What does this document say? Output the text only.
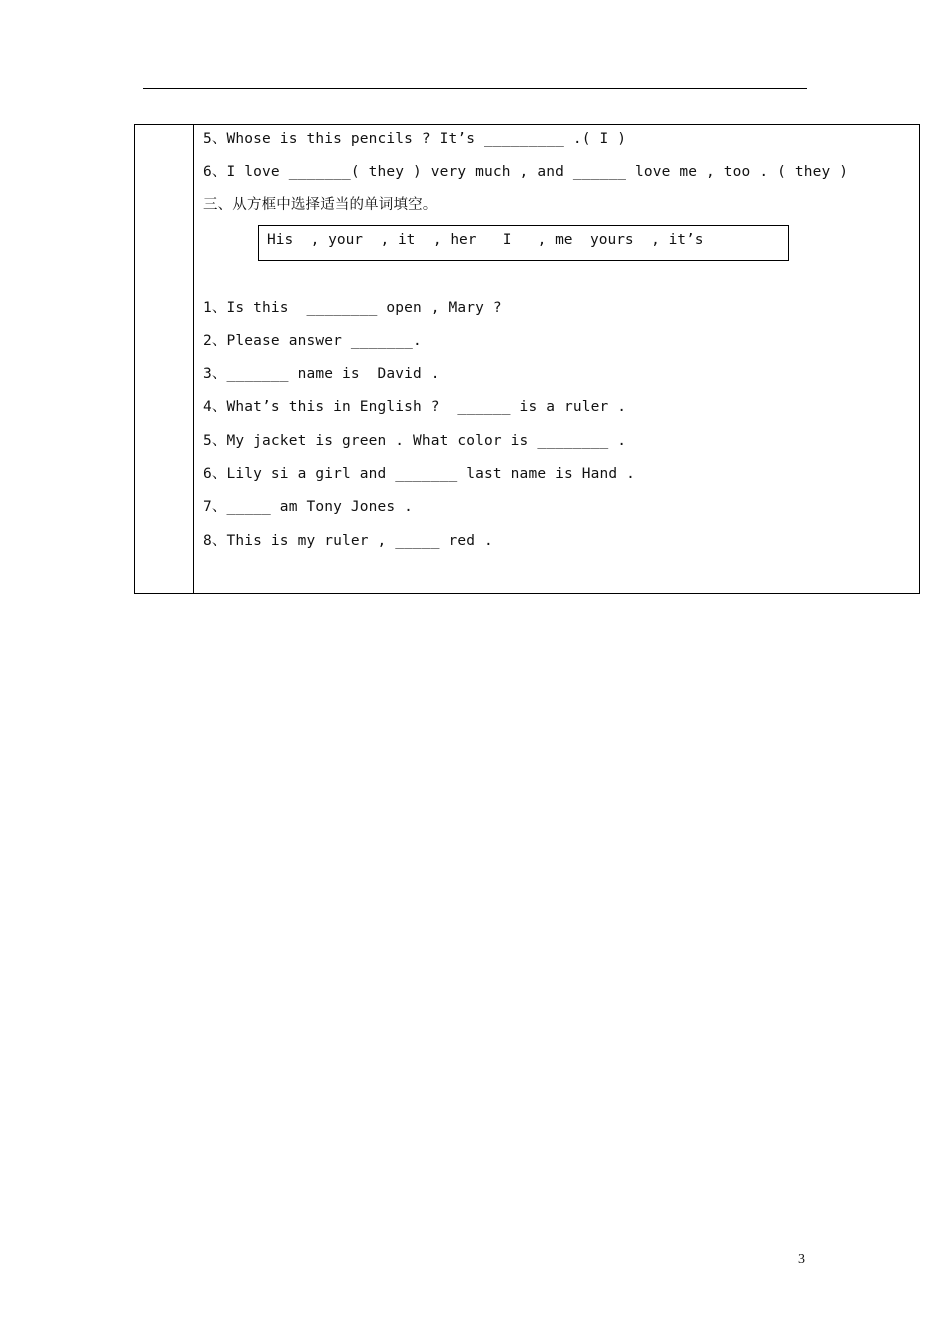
5、Whose is this pencils ? It’s _________ .( I )
6、I love _______( they ) very much , and ______ love me , too . ( they )
三、从方框中选择适当的单词填空。
His  , your  , it  , her   I   , me  yours  , it’s
1、Is this  ________ open , Mary ?
2、Please answer _______.
3、_______ name is  David .
4、What’s this in English ?  ______ is a ruler .
5、My jacket is green . What color is ________ .
6、Lily si a girl and _______ last name is Hand .
7、_____ am Tony Jones .
8、This is my ruler , _____ red .
3
